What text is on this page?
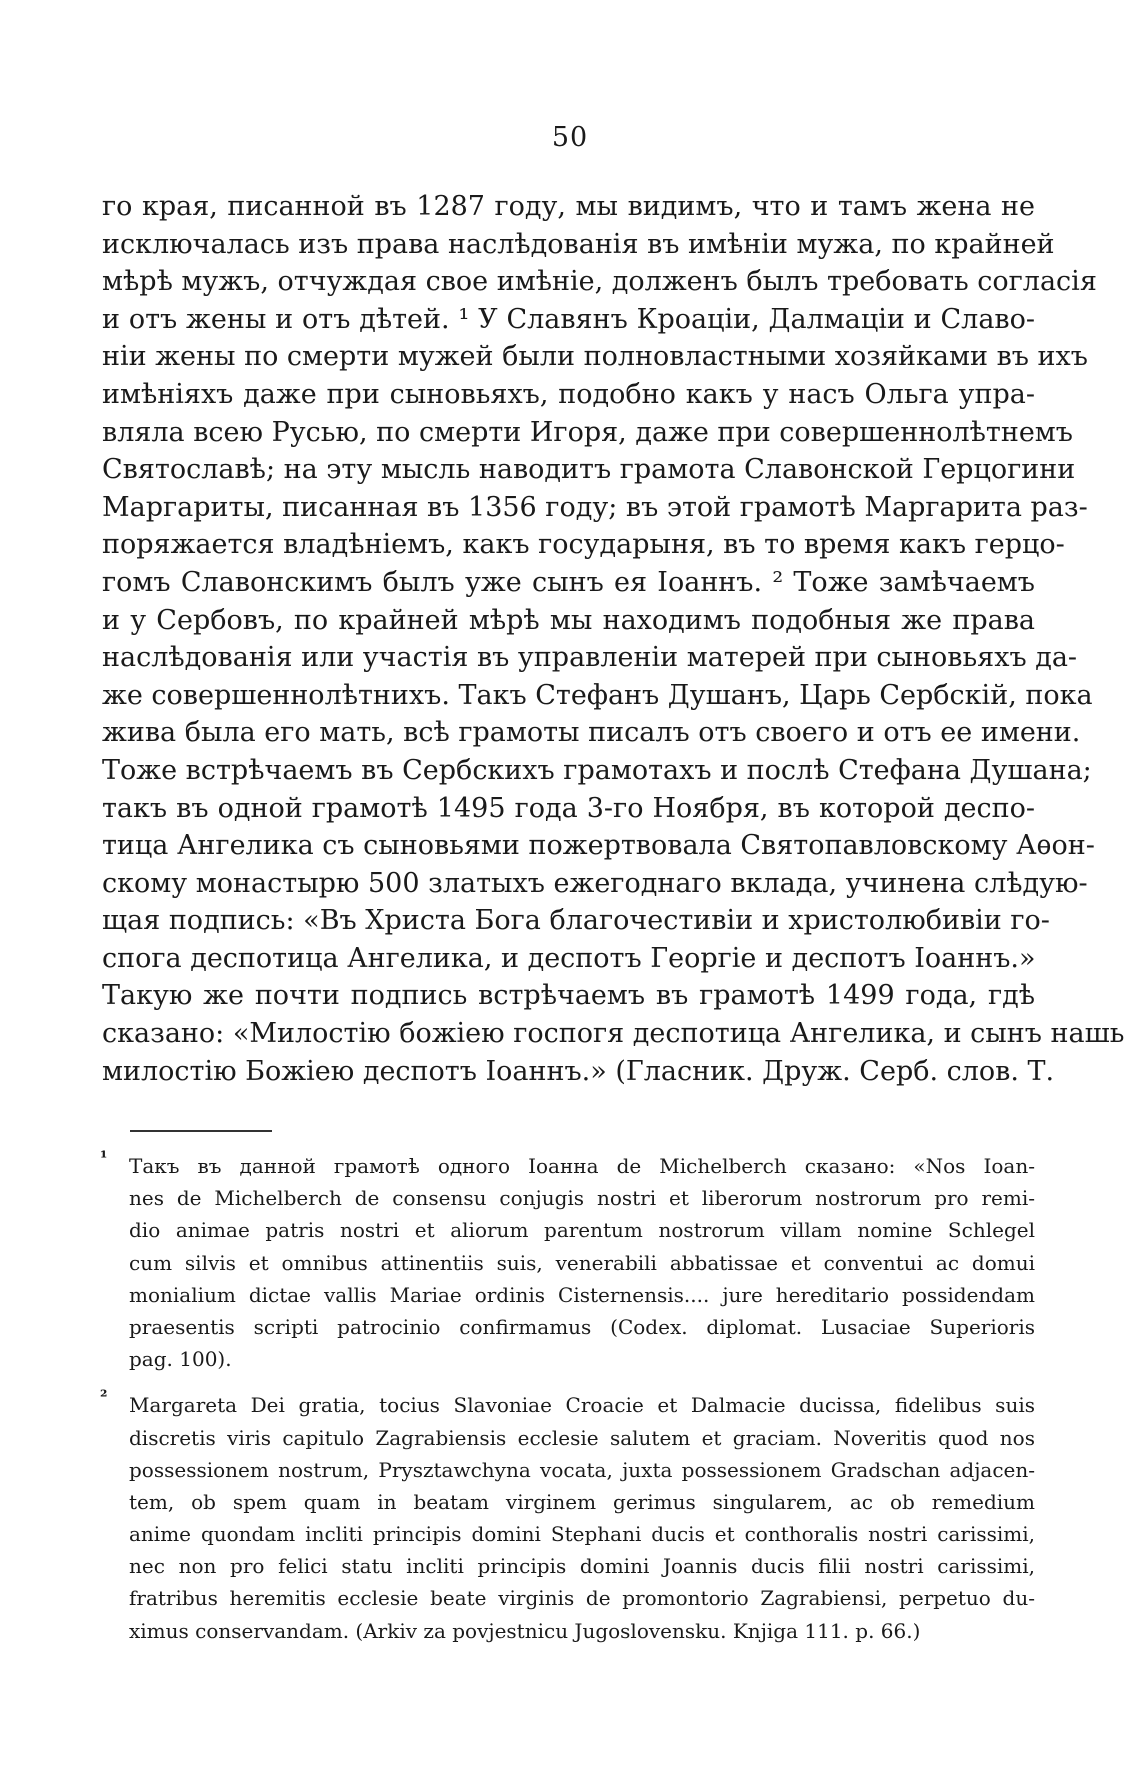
50
го края, писанной въ 1287 году, мы видимъ, что и тамъ жена не
исключалась изъ права наслѣдованія въ имѣніи мужа, по крайней
мѣрѣ мужъ, отчуждая свое имѣніе, долженъ былъ требовать согласія
и отъ жены и отъ дѣтей. ¹ У Славянъ Кроаціи, Далмаціи и Славо-
ніи жены по смерти мужей были полновластными хозяйками въ ихъ
имѣніяхъ даже при сыновьяхъ, подобно какъ у насъ Ольга упра-
вляла всею Русью, по смерти Игоря, даже при совершеннолѣтнемъ
Святославѣ; на эту мысль наводитъ грамота Славонской Герцогини
Маргариты, писанная въ 1356 году; въ этой грамотѣ Маргарита раз-
поряжается владѣніемъ, какъ государыня, въ то время какъ герцо-
гомъ Славонскимъ былъ уже сынъ ея Іоаннъ. ² Тоже замѣчаемъ
и у Сербовъ, по крайней мѣрѣ мы находимъ подобныя же права
наслѣдованія или участія въ управленіи матерей при сыновьяхъ да-
же совершеннолѣтнихъ. Такъ Стефанъ Душанъ, Царь Сербскій, пока
жива была его мать, всѣ грамоты писалъ отъ своего и отъ ее имени.
Тоже встрѣчаемъ въ Сербскихъ грамотахъ и послѣ Стефана Душана;
такъ въ одной грамотѣ 1495 года 3-го Ноября, въ которой деспо-
тица Ангелика съ сыновьями пожертвовала Святопавловскому Аѳон-
скому монастырю 500 златыхъ ежегоднаго вклада, учинена слѣдую-
щая подпись: «Въ Христа Бога благочестивіи и христолюбивіи го-
спога деспотица Ангелика, и деспотъ Георгіе и деспотъ Іоаннъ.»
Такую же почти подпись встрѣчаемъ въ грамотѣ 1499 года, гдѣ
сказано: «Милостію божіею госпогя деспотица Ангелика, и сынъ нашь
милостію Божіею деспотъ Іоаннъ.» (Гласник. Друж. Серб. слов. Т.
¹	Такъ въ данной грамотѣ одного Іоанна de Michelberch сказано: «Nos Ioan-
nes de Michelberch de consensu conjugis nostri et liberorum nostrorum pro remi-
dio animae patris nostri et aliorum parentum nostrorum villam nomine Schlegel
cum silvis et omnibus attinentiis suis, venerabili abbatissae et conventui ac domui
monialium dictae vallis Mariae ordinis Cisternensis.... jure hereditario possidendam
praesentis scripti patrocinio confirmamus (Codex. diplomat. Lusaciae Superioris
pag. 100).
²	Margareta Dei gratia, tocius Slavoniae Croacie et Dalmacie ducissa, fidelibus suis
discretis viris capitulo Zagrabiensis ecclesie salutem et graciam. Noveritis quod nos
possessionem nostrum, Prysztawchyna vocata, juxta possessionem Gradschan adjacen-
tem, ob spem quam in beatam virginem gerimus singularem, ac ob remedium
anime quondam incliti principis domini Stephani ducis et conthoralis nostri carissimi,
nec non pro felici statu incliti principis domini Joannis ducis filii nostri carissimi,
fratribus heremitis ecclesie beate virginis de promontorio Zagrabiensi, perpetuo du-
ximus conservandam. (Arkiv za povjestnicu Jugoslovensku. Knjiga 111. p. 66.)
